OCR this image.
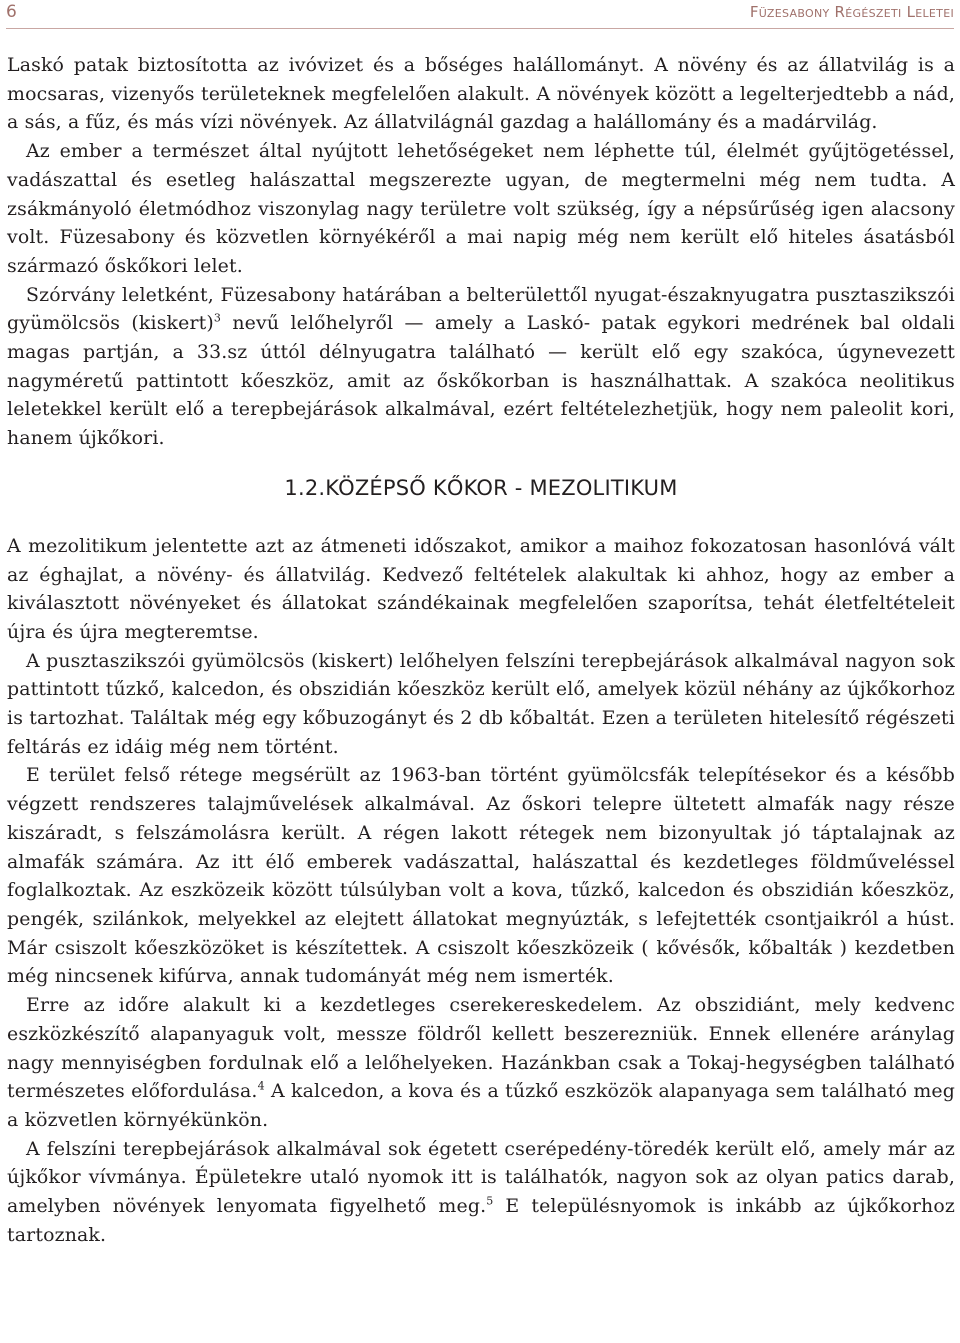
6	Füzesabony Régészeti Leletei

Laskó patak biztosította az ivóvizet és a bőséges halállományt. A növény és az állatvilág is a mocsaras, vizenyős területeknek megfelelően alakult. A növények között a legelterjedtebb a nád, a sás, a fűz, és más vízi növények. Az állatvilágnál gazdag a halállomány és a madárvilág.

Az ember a természet által nyújtott lehetőségeket nem léphette túl, élelmét gyűjtögetéssel, vadászattal és esetleg halászattal megszerezte ugyan, de megtermelni még nem tudta. A zsákmányoló életmódhoz viszonylag nagy területre volt szükség, így a népsűrűség igen alacsony volt. Füzesabony és közvetlen környékéről a mai napig még nem került elő hiteles ásatásból származó őskőkori lelet.

Szórvány leletként, Füzesabony határában a belterülettől nyugat-északnyugatra pusztaszikszói gyümölcsös (kiskert)$^3$ nevű lelőhelyről — amely a Laskó- patak egykori medrének bal oldali magas partján, a 33.sz úttól délnyugatra található — került elő egy szakóca, úgynevezett nagyméretű pattintott kőeszköz, amit az őskőkorban is használhattak. A szakóca neolitikus leletekkel került elő a terepbejárások alkalmával, ezért feltételezhetjük, hogy nem paleolit kori, hanem újkőkori.

1.2.KÖZÉPSŐ KŐKOR - MEZOLITIKUM

A mezolitikum jelentette azt az átmeneti időszakot, amikor a maihoz fokozatosan hasonlóvá vált az éghajlat, a növény- és állatvilág. Kedvező feltételek alakultak ki ahhoz, hogy az ember a kiválasztott növényeket és állatokat szándékainak megfelelően szaporítsa, tehát életfeltételeit újra és újra megteremtse.

A pusztaszikszói gyümölcsös (kiskert) lelőhelyen felszíni terepbejárások alkalmával nagyon sok pattintott tűzkő, kalcedon, és obszidián kőeszköz került elő, amelyek közül néhány az újkőkorhoz is tartozhat. Találtak még egy kőbuzogányt és 2 db kőbaltát. Ezen a területen hitelesítő régészeti feltárás ez idáig még nem történt.

E terület felső rétege megsérült az 1963-ban történt gyümölcsfák telepítésekor és a később végzett rendszeres talajművelések alkalmával. Az őskori telepre ültetett almafák nagy része kiszáradt, s felszámolásra került. A régen lakott rétegek nem bizonyultak jó táptalajnak az almafák számára. Az itt élő emberek vadászattal, halászattal és kezdetleges földműveléssel foglalkoztak. Az eszközeik között túlsúlyban volt a kova, tűzkő, kalcedon és obszidián kőeszköz, pengék, szilánkok, melyekkel az elejtett állatokat megnyúzták, s lefejtették csontjaikról a húst. Már csiszolt kőeszközöket is készítettek. A csiszolt kőeszközeik ( kővésők, kőbalták ) kezdetben még nincsenek kifúrva, annak tudományát még nem ismerték.

Erre az időre alakult ki a kezdetleges cserekereskedelem. Az obszidiánt, mely kedvenc eszközkészítő alapanyaguk volt, messze földről kellett beszerezniük. Ennek ellenére aránylag nagy mennyiségben fordulnak elő a lelőhelyeken. Hazánkban csak a Tokaj-hegységben található természetes előfordulása.$^4$ A kalcedon, a kova és a tűzkő eszközök alapanyaga sem található meg a közvetlen környékünkön.

A felszíni terepbejárások alkalmával sok égetett cserépedény-töredék került elő, amely már az újkőkor vívmánya. Épületekre utaló nyomok itt is találhatók, nagyon sok az olyan patics darab, amelyben növények lenyomata figyelhető meg.$^5$ E településnyomok is inkább az újkőkorhoz tartoznak.
